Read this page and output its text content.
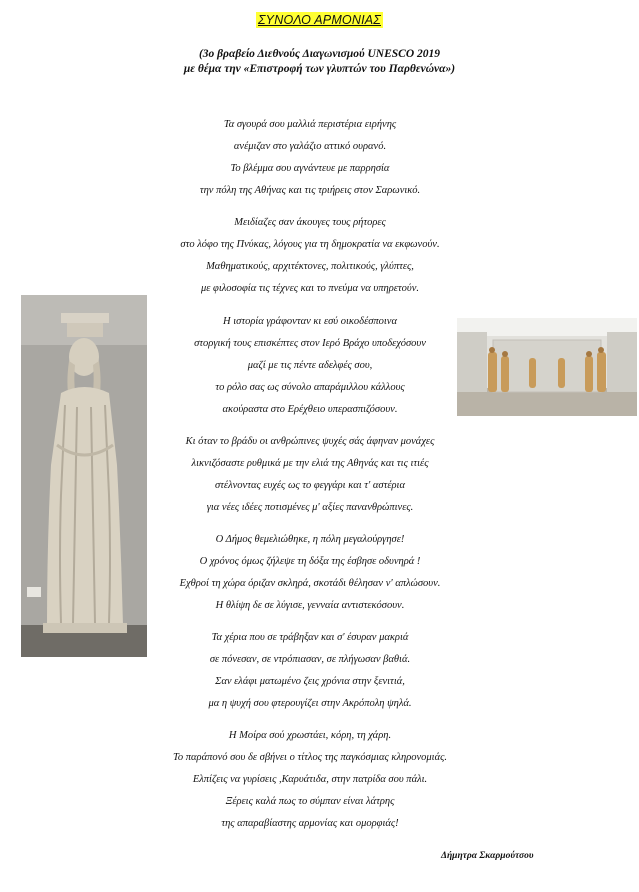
ΣΥΝΟΛΟ ΑΡΜΟΝΙΑΣ
(3ο βραβείο Διεθνούς Διαγωνισμού UNESCO 2019
με θέμα την «Επιστροφή των γλυπτών του Παρθενώνα»)
Τα σγουρά σου μαλλιά περιστέρια ειρήνης
ανέμιζαν στο γαλάζιο αττικό ουρανό.
Το βλέμμα σου αγνάντευε με παρρησία
την πόλη της Αθήνας και τις τριήρεις στον Σαρωνικό.
Μειδίαζες σαν άκουγες τους ρήτορες
στο λόφο της Πνύκας, λόγους για τη δημοκρατία να εκφωνούν.
Μαθηματικούς, αρχιτέκτονες, πολιτικούς, γλύπτες,
με φιλοσοφία τις τέχνες και το πνεύμα να υπηρετούν.
Η ιστορία γράφονταν κι εσύ οικοδέσποινα
στοργική τους επισκέπτες στον Ιερό Βράχο υποδεχόσουν
μαζί με τις πέντε αδελφές σου,
το ρόλο σας ως σύνολο απαράμιλλου κάλλους
ακούραστα στο Ερέχθειο υπερασπιζόσουν.
Κι όταν το βράδυ οι ανθρώπινες ψυχές σάς άφηναν μονάχες
λικνιζόσαστε ρυθμικά με την ελιά της Αθηνάς και τις ιτιές
στέλνοντας ευχές ως το φεγγάρι και τ' αστέρια
για νέες ιδέες ποτισμένες μ' αξίες πανανθρώπινες.
Ο Δήμος θεμελιώθηκε, η πόλη μεγαλούργησε!
Ο χρόνος όμως ζήλεψε τη δόξα της έσβησε οδυνηρά !
Εχθροί τη χώρα όριζαν σκληρά, σκοτάδι θέλησαν ν' απλώσουν.
Η θλίψη δε σε λύγισε, γενναία αντιστεκόσουν.
Τα χέρια που σε τράβηξαν και σ' έσυραν μακριά
σε πόνεσαν, σε ντρόπιασαν, σε πλήγωσαν βαθιά.
Σαν ελάφι ματωμένο ζεις χρόνια στην ξενιτιά,
μα η ψυχή σου φτερουγίζει στην Ακρόπολη ψηλά.
Η Μοίρα σού χρωστάει, κόρη, τη χάρη.
Το παράπονό σου δε σβήνει ο τίτλος της παγκόσμιας κληρονομιάς.
Ελπίζεις να γυρίσεις ,Καρυάτιδα, στην πατρίδα σου πάλι.
Ξέρεις καλά πως το σύμπαν είναι λάτρης
της απαραβίαστης αρμονίας και ομορφιάς!
Δήμητρα Σκαρμούτσου
